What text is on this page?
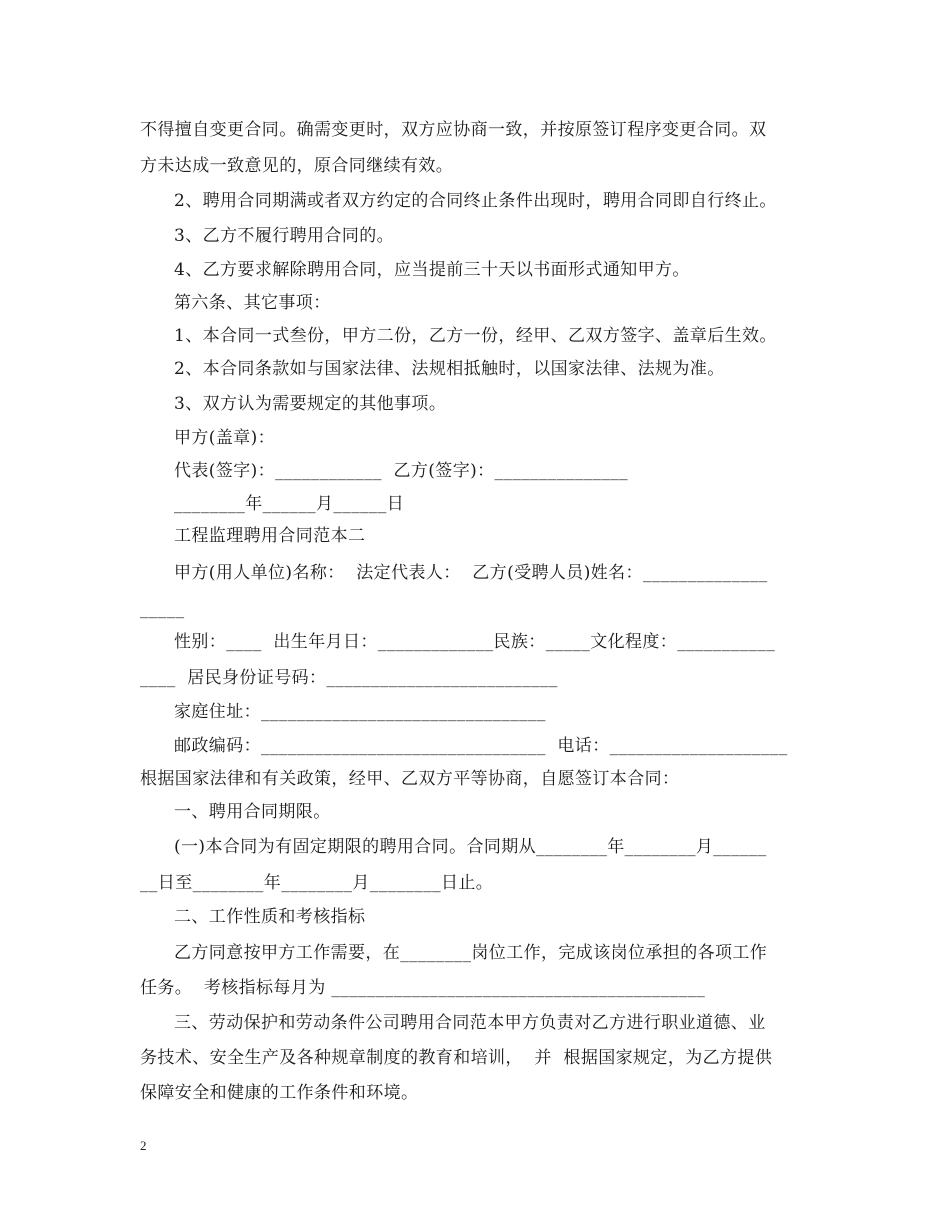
不得擅自变更合同。确需变更时，双方应协商一致，并按原签订程序变更合同。双
方未达成一致意见的，原合同继续有效。
2、聘用合同期满或者双方约定的合同终止条件出现时，聘用合同即自行终止。
3、乙方不履行聘用合同的。
4、乙方要求解除聘用合同，应当提前三十天以书面形式通知甲方。
第六条、其它事项：
1、本合同一式叁份，甲方二份，乙方一份，经甲、乙双方签字、盖章后生效。
2、本合同条款如与国家法律、法规相抵触时，以国家法律、法规为准。
3、双方认为需要规定的其他事项。
甲方(盖章)：
代表(签字)：____________  乙方(签字)：_______________
________年______月______日
工程监理聘用合同范本二
甲方(用人单位)名称：  法定代表人：  乙方(受聘人员)姓名：______________
_____
性别：____  出生年月日：_____________民族：_____文化程度：___________
____  居民身份证号码：__________________________
家庭住址：________________________________
邮政编码：________________________________  电话：____________________
根据国家法律和有关政策，经甲、乙双方平等协商，自愿签订本合同：
一、聘用合同期限。
(一)本合同为有固定期限的聘用合同。合同期从________年________月______
__日至________年________月________日止。
二、工作性质和考核指标
乙方同意按甲方工作需要，在________岗位工作，完成该岗位承担的各项工作
任务。  考核指标每月为 __________________________________________
三、劳动保护和劳动条件公司聘用合同范本甲方负责对乙方进行职业道德、业
务技术、安全生产及各种规章制度的教育和培训，  并  根据国家规定，为乙方提供
保障安全和健康的工作条件和环境。
2
